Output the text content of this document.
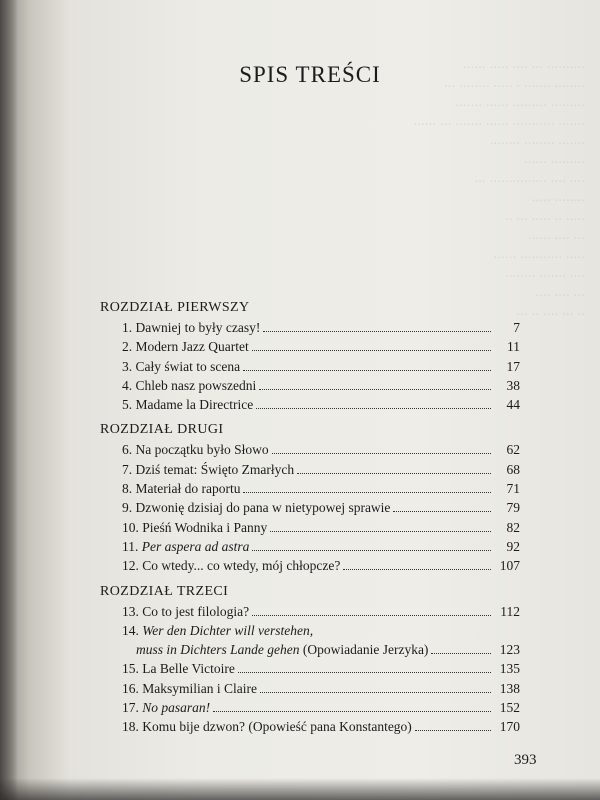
.......... ... .... ..... ......
........ ....... . ..... ........ ...
......... ......... ...... .......
....... ........... ...... ....... ... ......
....... ........ ........
......... ......
.... .... ............... ...
........ .....
..... .. ..... ... ..
... .... ......
..... ........... ......
.... ....... ........
... .... ....
.. ... .... .. ...
SPIS TREŚCI
ROZDZIAŁ PIERWSZY
1. Dawniej to były czasy!	7
2. Modern Jazz Quartet	11
3. Cały świat to scena	17
4. Chleb nasz powszedni	38
5. Madame la Directrice	44
ROZDZIAŁ DRUGI
6. Na początku było Słowo	62
7. Dziś temat: Święto Zmarłych	68
8. Materiał do raportu	71
9. Dzwonię dzisiaj do pana w nietypowej sprawie	79
10. Pieśń Wodnika i Panny	82
11. Per aspera ad astra	92
12. Co wtedy... co wtedy, mój chłopcze?	107
ROZDZIAŁ TRZECI
13. Co to jest filologia?	112
14. Wer den Dichter will verstehen,
muss in Dichters Lande gehen (Opowiadanie Jerzyka)	123
15. La Belle Victoire	135
16. Maksymilian i Claire	138
17. No pasaran!	152
18. Komu bije dzwon? (Opowieść pana Konstantego)	170
393
